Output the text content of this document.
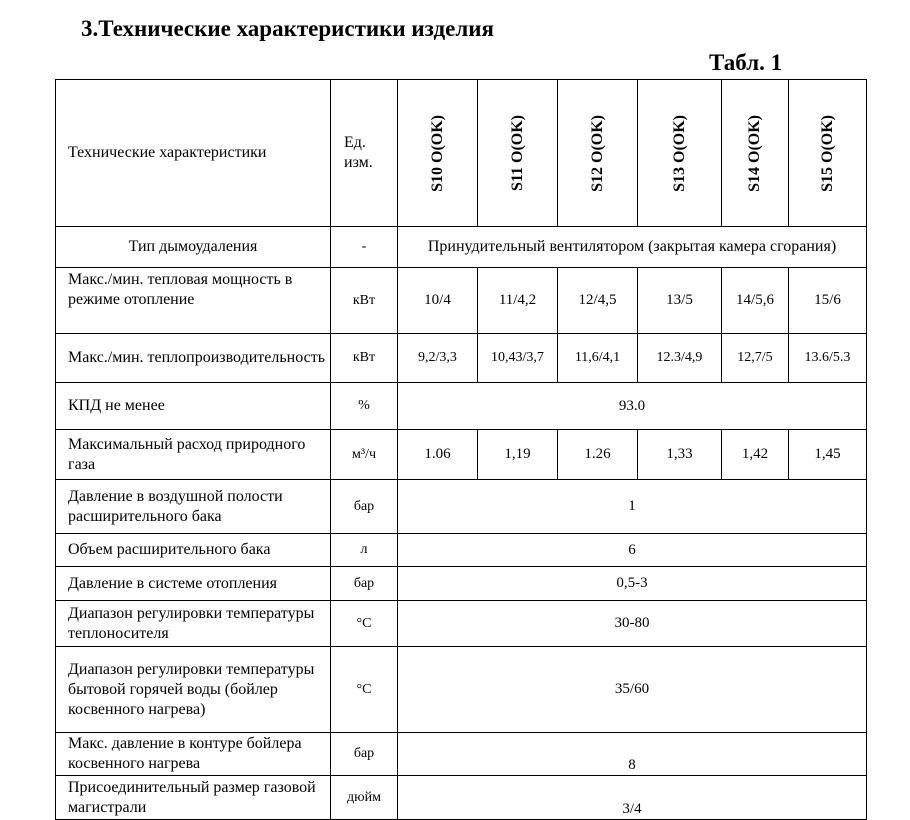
3.Технические характеристики изделия
Табл. 1
Технические характеристики	Ед. изм.	S10 O(OK)	S11 O(OK)	S12 O(OK)	S13 O(OK)	S14 O(OK)	S15 O(OK)

Тип дымоудаления	-	Принудительный вентилятором (закрытая камера сгорания)					
Макс./мин. тепловая мощность в режиме отопление	кВт	10/4	11/4,2	12/4,5	13/5	14/5,6	15/6
Макс./мин. теплопроизводительность	кВт	9,2/3,3	10,43/3,7	11,6/4,1	12.3/4,9	12,7/5	13.6/5.3
КПД не менее	%	93.0					
Максимальный расход природного газа	м³/ч	1.06	1,19	1.26	1,33	1,42	1,45
Давление в воздушной полости расширительного бака	бар	1					
Объем расширительного бака	л	6					
Давление в системе отопления	бар	0,5-3					
Диапазон регулировки температуры теплоносителя	°С	30-80					
Диапазон регулировки температуры бытовой горячей воды (бойлер косвенного нагрева)	°С	35/60					
Макс. давление в контуре бойлера косвенного нагрева	бар	8					
Присоединительный размер газовой магистрали	дюйм	3/4					
